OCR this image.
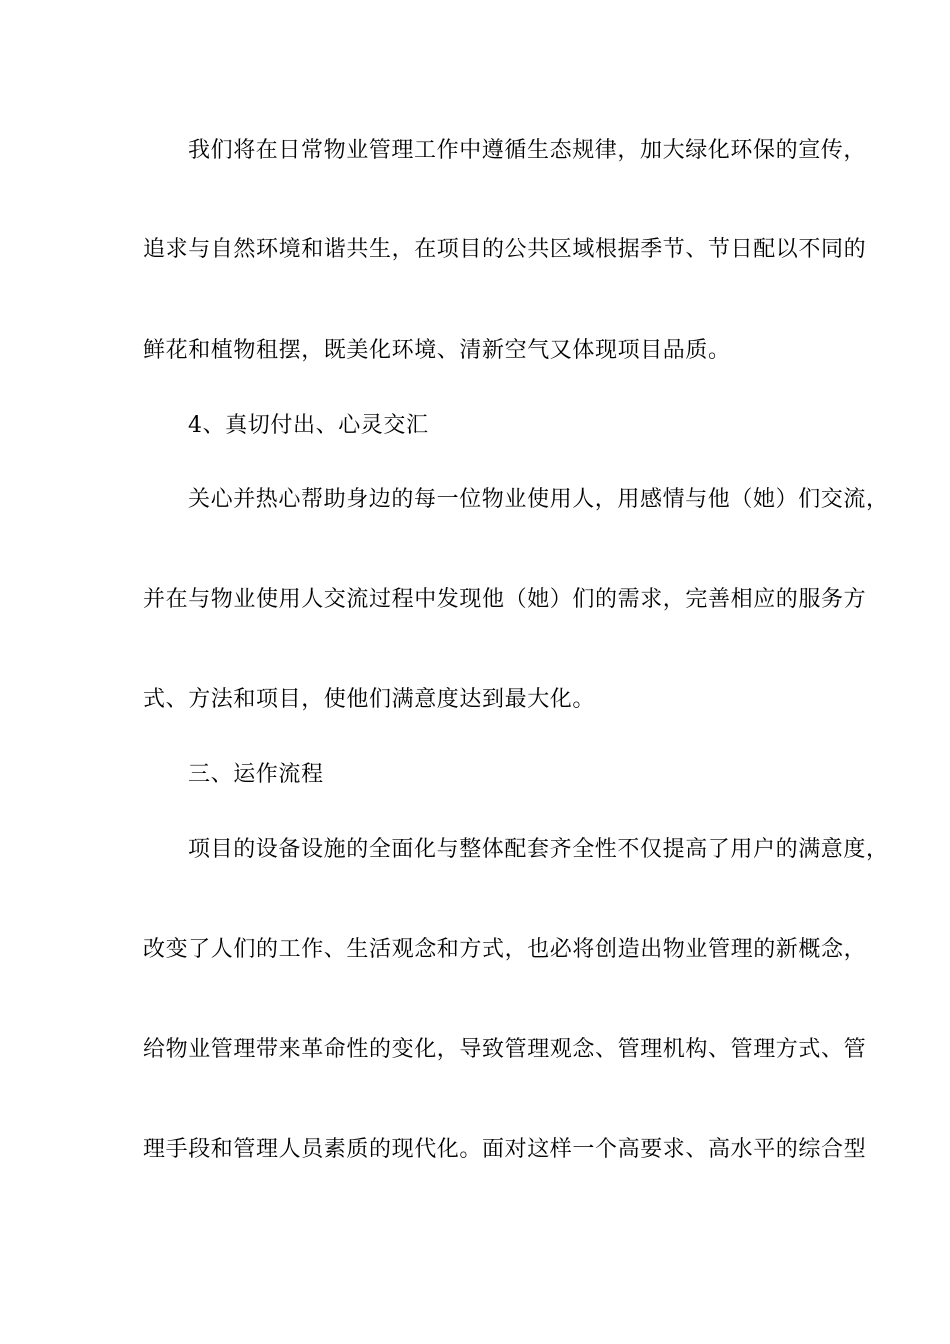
我们将在日常物业管理工作中遵循生态规律，加大绿化环保的宣传，
追求与自然环境和谐共生，在项目的公共区域根据季节、节日配以不同的
鲜花和植物租摆，既美化环境、清新空气又体现项目品质。
4、真切付出、心灵交汇
关心并热心帮助身边的每一位物业使用人，用感情与他（她）们交流，
并在与物业使用人交流过程中发现他（她）们的需求，完善相应的服务方
式、方法和项目，使他们满意度达到最大化。
三、运作流程
项目的设备设施的全面化与整体配套齐全性不仅提高了用户的满意度，
改变了人们的工作、生活观念和方式，也必将创造出物业管理的新概念，
给物业管理带来革命性的变化，导致管理观念、管理机构、管理方式、管
理手段和管理人员素质的现代化。面对这样一个高要求、高水平的综合型
